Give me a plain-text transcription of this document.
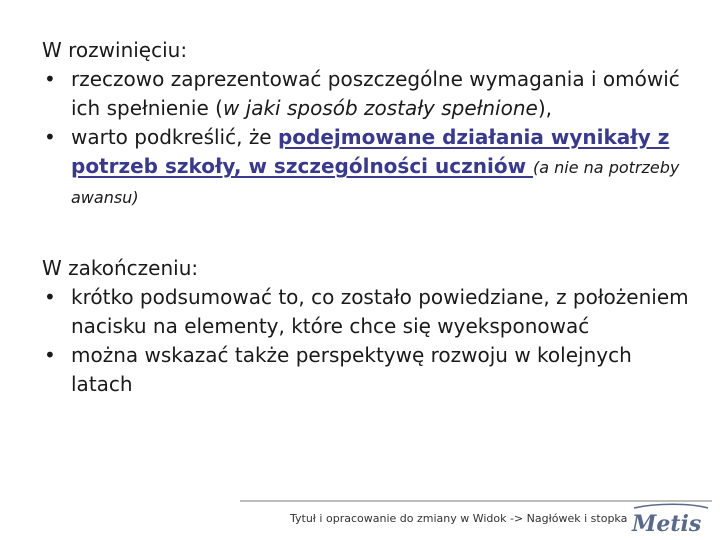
W rozwinięciu:

• rzeczowo zaprezentować poszczególne wymagania i omówić ich spełnienie (w jaki sposób zostały spełnione),
• warto podkreślić, że podejmowane działania wynikały z potrzeb szkoły, w szczególności uczniów (a nie na potrzeby awansu)

W zakończeniu:

• krótko podsumować to, co zostało powiedziane, z położeniem nacisku na elementy, które chce się wyeksponować
• można wskazać także perspektywę rozwoju w kolejnych latach
Tytuł i opracowanie do zmiany w Widok -> Nagłówek i stopka Metis
